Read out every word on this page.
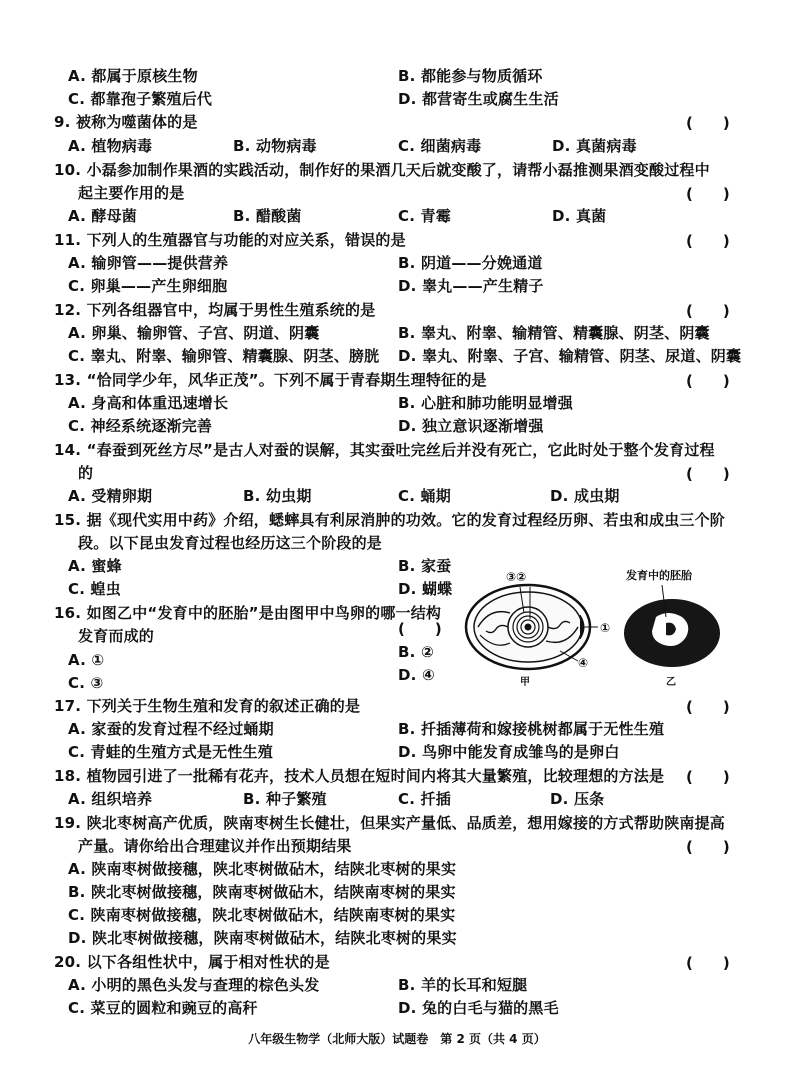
A. 都属于原核生物	B. 都能参与物质循环
C. 都靠孢子繁殖后代	D. 都营寄生或腐生生活
9. 被称为噬菌体的是	(　　)
A. 植物病毒	B. 动物病毒	C. 细菌病毒	D. 真菌病毒
10. 小磊参加制作果酒的实践活动，制作好的果酒几天后就变酸了，请帮小磊推测果酒变酸过程中
起主要作用的是	(　　)
A. 酵母菌	B. 醋酸菌	C. 青霉	D. 真菌
11. 下列人的生殖器官与功能的对应关系，错误的是	(　　)
A. 输卵管——提供营养	B. 阴道——分娩通道
C. 卵巢——产生卵细胞	D. 睾丸——产生精子
12. 下列各组器官中，均属于男性生殖系统的是	(　　)
A. 卵巢、输卵管、子宫、阴道、阴囊	B. 睾丸、附睾、输精管、精囊腺、阴茎、阴囊
C. 睾丸、附睾、输卵管、精囊腺、阴茎、膀胱 D. 睾丸、附睾、子宫、输精管、阴茎、尿道、阴囊
13. “恰同学少年，风华正茂”。下列不属于青春期生理特征的是	(　　)
A. 身高和体重迅速增长	B. 心脏和肺功能明显增强
C. 神经系统逐渐完善	D. 独立意识逐渐增强
14. “春蚕到死丝方尽”是古人对蚕的误解，其实蚕吐完丝后并没有死亡，它此时处于整个发育过程
的	(　　)
A. 受精卵期	B. 幼虫期	C. 蛹期	D. 成虫期
15. 据《现代实用中药》介绍，蟋蟀具有利尿消肿的功效。它的发育过程经历卵、若虫和成虫三个阶
段。以下昆虫发育过程也经历这三个阶段的是
A. 蜜蜂	B. 家蚕
C. 蝗虫	D. 蝴蝶
16. 如图乙中“发育中的胚胎”是由图甲中鸟卵的哪一结构
发育而成的	(　　)
A. ①	B. ②
C. ③	D. ④
③②
①
④
甲
发育中的胚胎
乙
17. 下列关于生物生殖和发育的叙述正确的是	(　　)
A. 家蚕的发育过程不经过蛹期	B. 扦插薄荷和嫁接桃树都属于无性生殖
C. 青蛙的生殖方式是无性生殖	D. 鸟卵中能发育成雏鸟的是卵白
18. 植物园引进了一批稀有花卉，技术人员想在短时间内将其大量繁殖，比较理想的方法是 (　　)
A. 组织培养	B. 种子繁殖	C. 扦插	D. 压条
19. 陕北枣树高产优质，陕南枣树生长健壮，但果实产量低、品质差，想用嫁接的方式帮助陕南提高
产量。请你给出合理建议并作出预期结果	(　　)
A. 陕南枣树做接穗，陕北枣树做砧木，结陕北枣树的果实
B. 陕北枣树做接穗，陕南枣树做砧木，结陕南枣树的果实
C. 陕南枣树做接穗，陕北枣树做砧木，结陕南枣树的果实
D. 陕北枣树做接穗，陕南枣树做砧木，结陕北枣树的果实
20. 以下各组性状中，属于相对性状的是	(　　)
A. 小明的黑色头发与查理的棕色头发	B. 羊的长耳和短腿
C. 菜豆的圆粒和豌豆的高秆	D. 兔的白毛与猫的黑毛
八年级生物学（北师大版）试题卷　第 2 页（共 4 页）
